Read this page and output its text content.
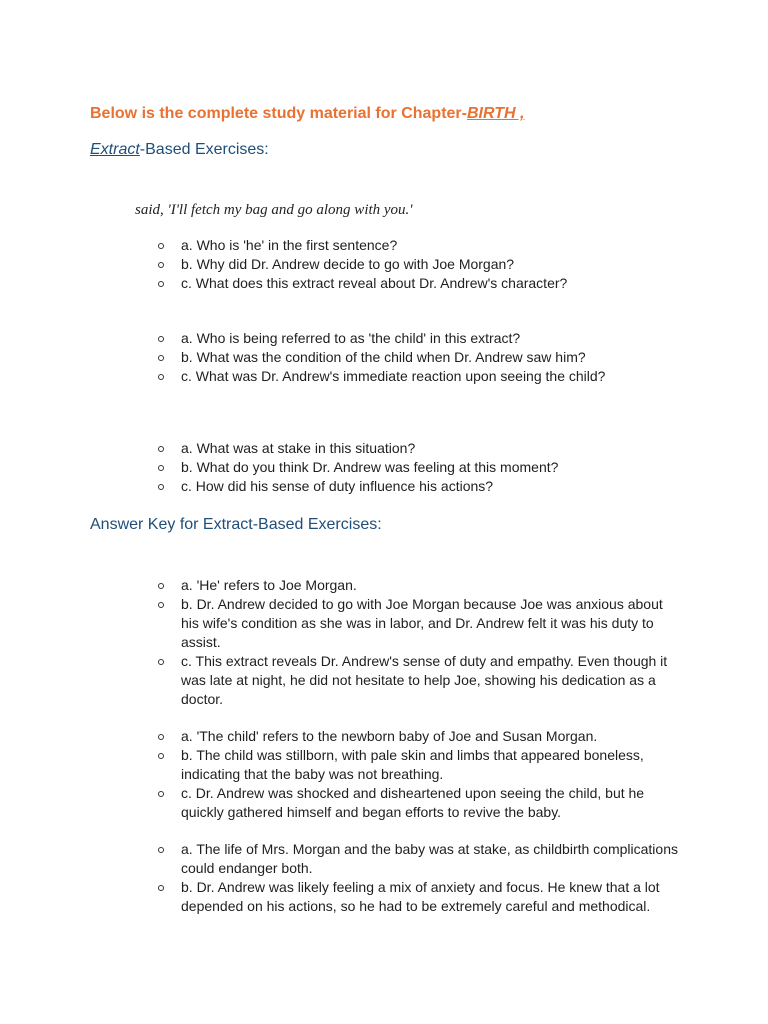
Below is the complete study material for Chapter-BIRTH ,
Extract-Based Exercises:

said, 'I'll fetch my bag and go along with you.'

a. Who is 'he' in the first sentence?
b. Why did Dr. Andrew decide to go with Joe Morgan?
c. What does this extract reveal about Dr. Andrew's character?
a. Who is being referred to as 'the child' in this extract?
b. What was the condition of the child when Dr. Andrew saw him?
c. What was Dr. Andrew's immediate reaction upon seeing the child?
a. What was at stake in this situation?
b. What do you think Dr. Andrew was feeling at this moment?
c. How did his sense of duty influence his actions?
Answer Key for Extract-Based Exercises:
a. 'He' refers to Joe Morgan.
b. Dr. Andrew decided to go with Joe Morgan because Joe was anxious about his wife's condition as she was in labor, and Dr. Andrew felt it was his duty to assist.
c. This extract reveals Dr. Andrew's sense of duty and empathy. Even though it was late at night, he did not hesitate to help Joe, showing his dedication as a doctor.
a. 'The child' refers to the newborn baby of Joe and Susan Morgan.
b. The child was stillborn, with pale skin and limbs that appeared boneless, indicating that the baby was not breathing.
c. Dr. Andrew was shocked and disheartened upon seeing the child, but he quickly gathered himself and began efforts to revive the baby.
a. The life of Mrs. Morgan and the baby was at stake, as childbirth complications could endanger both.
b. Dr. Andrew was likely feeling a mix of anxiety and focus. He knew that a lot depended on his actions, so he had to be extremely careful and methodical.
